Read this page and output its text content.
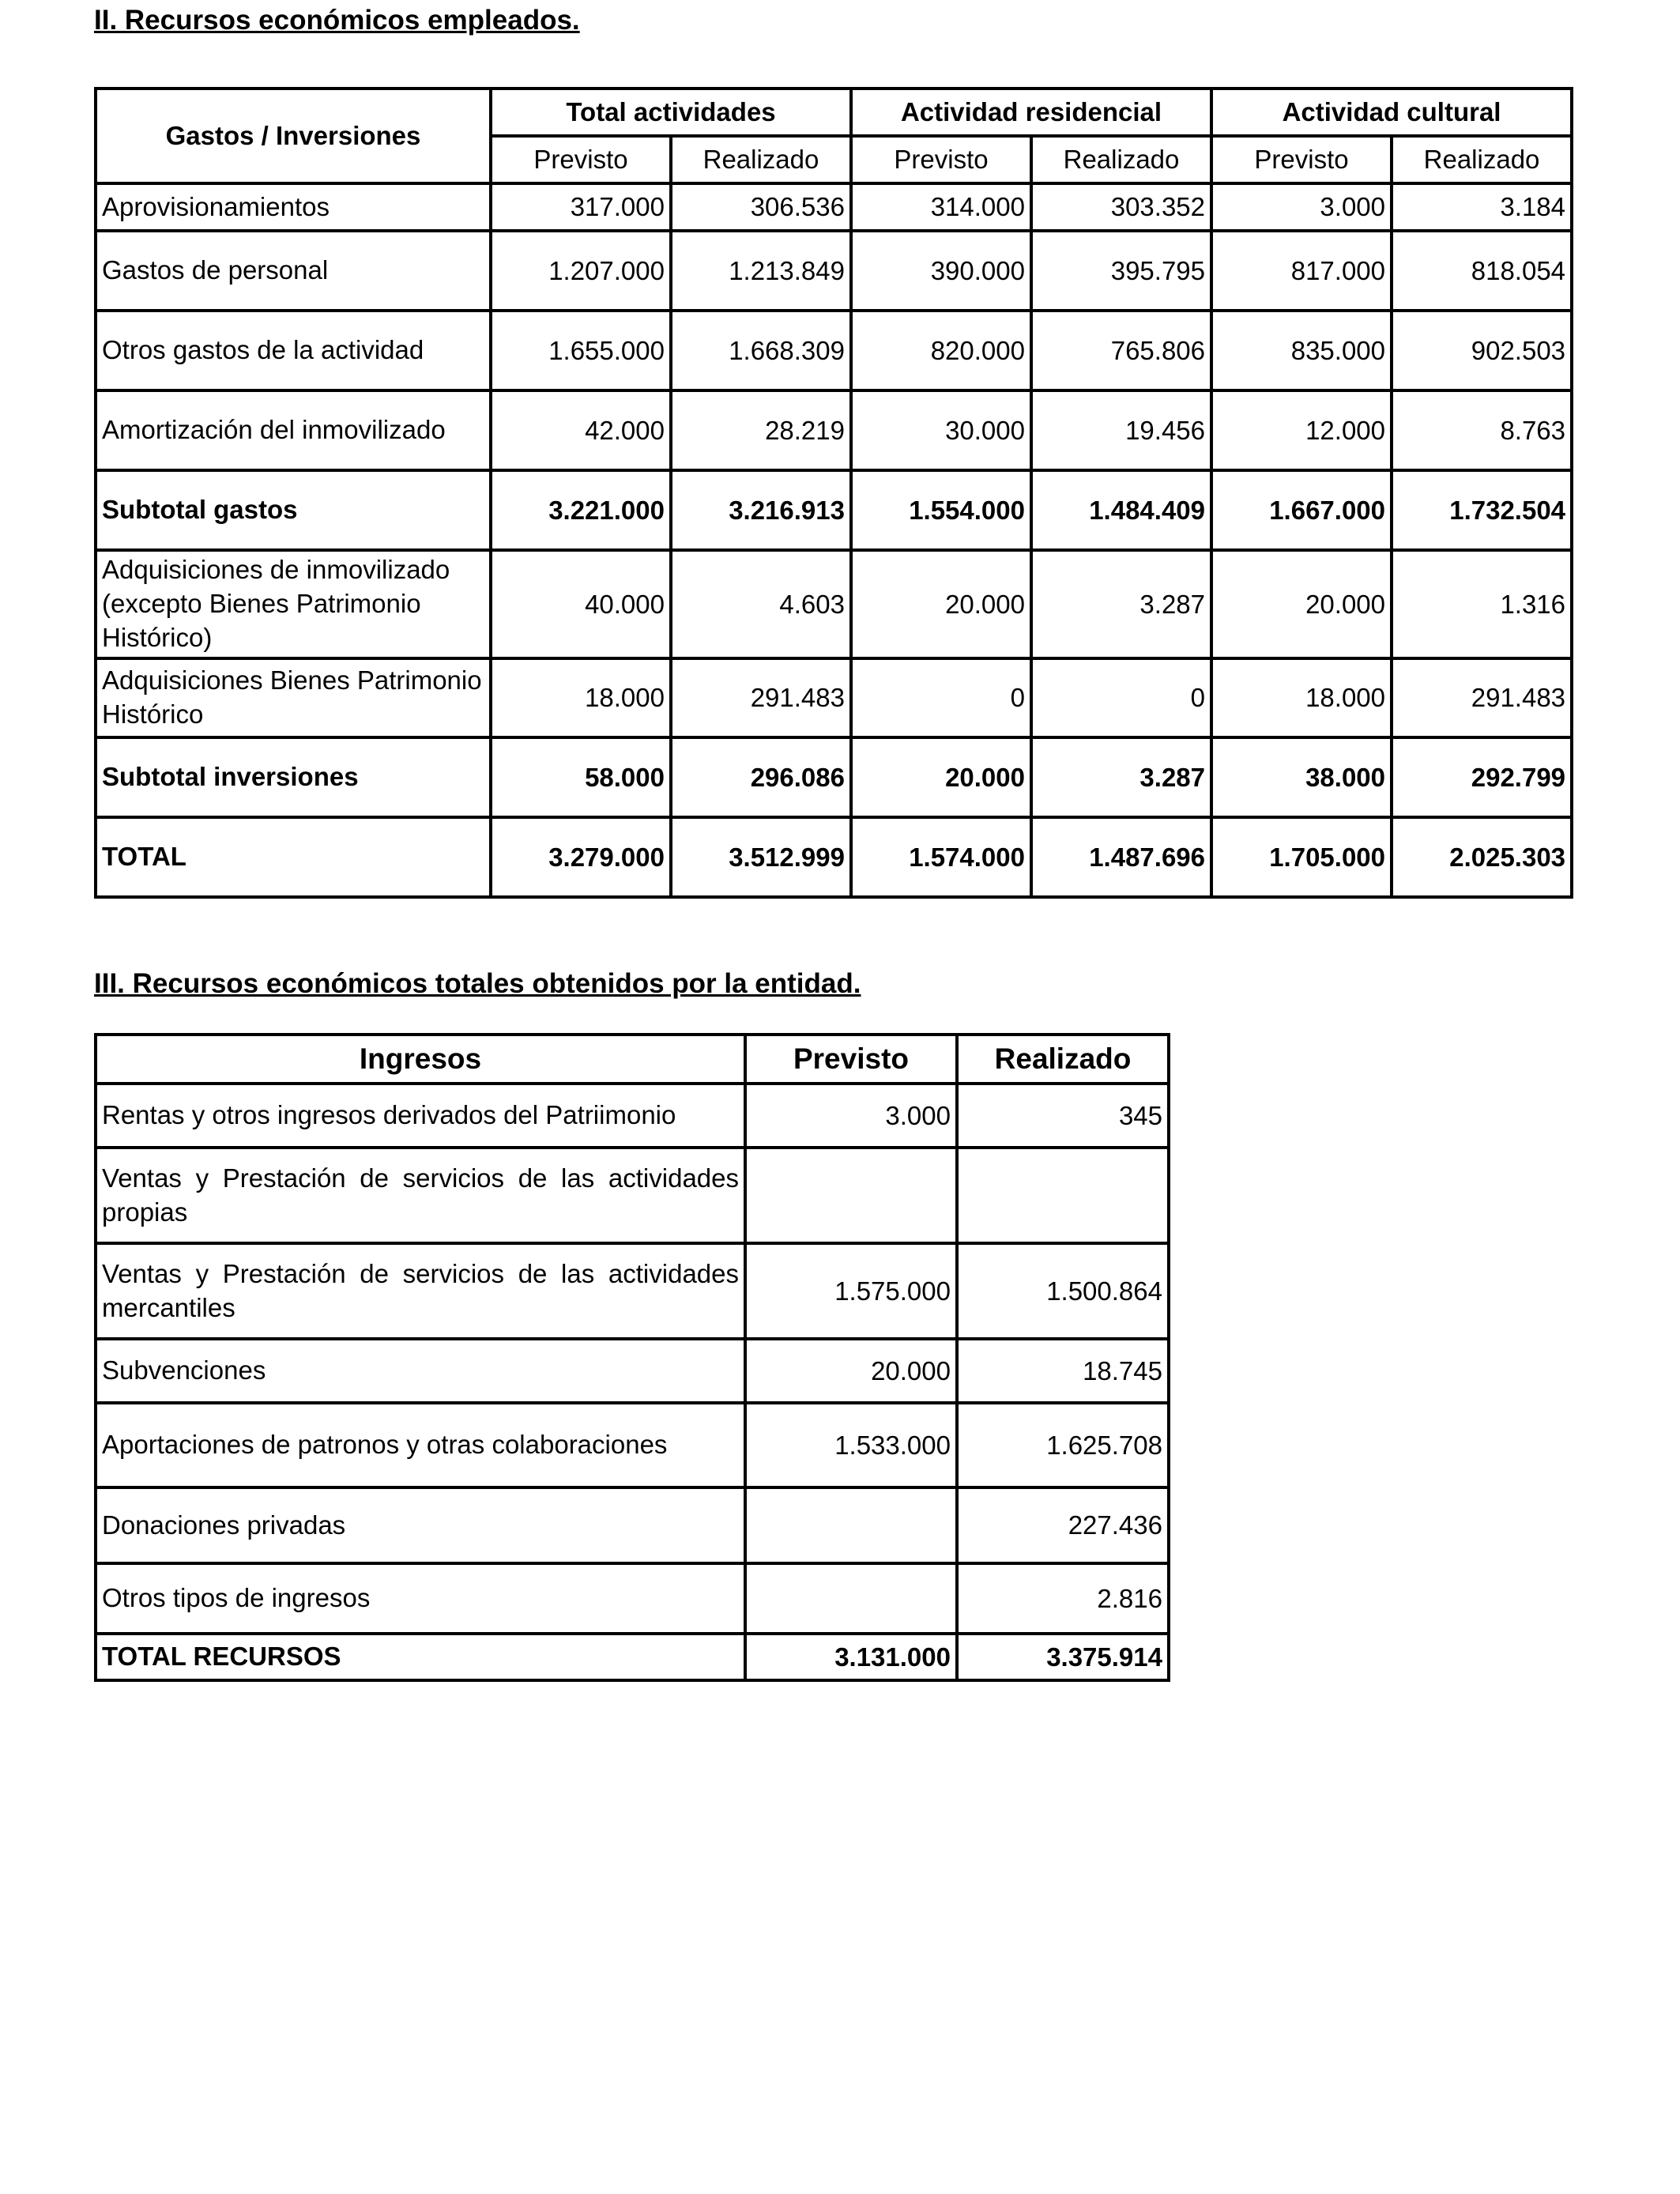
II. Recursos económicos empleados.
Gastos / Inversiones	Total actividades		Actividad residencial		Actividad cultural	
	Previsto	Realizado	Previsto	Realizado	Previsto	Realizado
Aprovisionamientos	317.000	306.536	314.000	303.352	3.000	3.184
Gastos de personal	1.207.000	1.213.849	390.000	395.795	817.000	818.054
Otros gastos de la actividad	1.655.000	1.668.309	820.000	765.806	835.000	902.503
Amortización del inmovilizado	42.000	28.219	30.000	19.456	12.000	8.763
Subtotal gastos	3.221.000	3.216.913	1.554.000	1.484.409	1.667.000	1.732.504
Adquisiciones de inmovilizado (excepto Bienes Patrimonio Histórico)	40.000	4.603	20.000	3.287	20.000	1.316
Adquisiciones Bienes Patrimonio Histórico	18.000	291.483	0	0	18.000	291.483
Subtotal inversiones	58.000	296.086	20.000	3.287	38.000	292.799
TOTAL	3.279.000	3.512.999	1.574.000	1.487.696	1.705.000	2.025.303
III. Recursos económicos totales obtenidos por la entidad.
Ingresos	Previsto	Realizado
Rentas y otros ingresos derivados del Patriimonio	3.000	345
Ventas y Prestación de servicios de las actividades propias		
Ventas y Prestación de servicios de las actividades mercantiles	1.575.000	1.500.864
Subvenciones	20.000	18.745
Aportaciones de patronos y otras colaboraciones	1.533.000	1.625.708
Donaciones privadas		227.436
Otros tipos de ingresos		2.816
TOTAL RECURSOS	3.131.000	3.375.914
